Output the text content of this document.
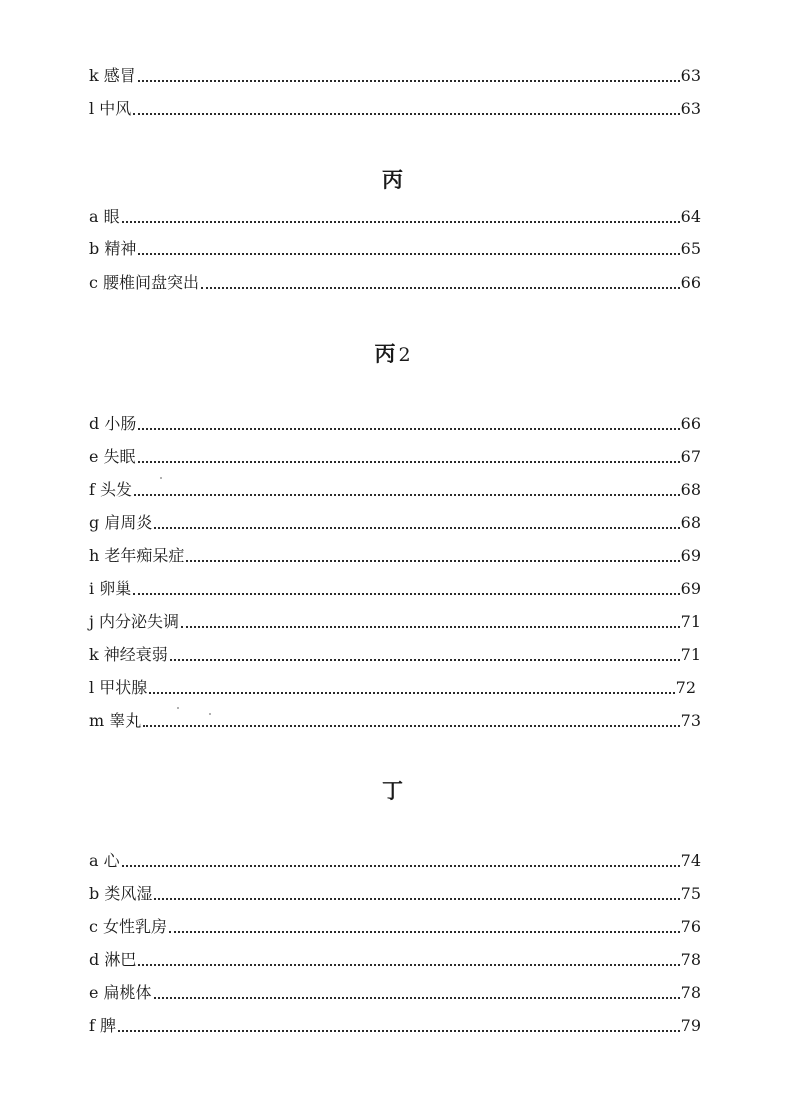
k 感冒	63
l 中风	63
丙
a 眼	64
b 精神	65
c 腰椎间盘突出	66
丙 2
d 小肠	66
e 失眠	67
f 头发	68
g 肩周炎	68
h 老年痴呆症	69
i 卵巢	69
j 内分泌失调	71
k 神经衰弱	71
l 甲状腺	72
m 睾丸	73
丁
a 心	74
b 类风湿	75
c 女性乳房	76
d 淋巴	78
e 扁桃体	78
f 脾	79
